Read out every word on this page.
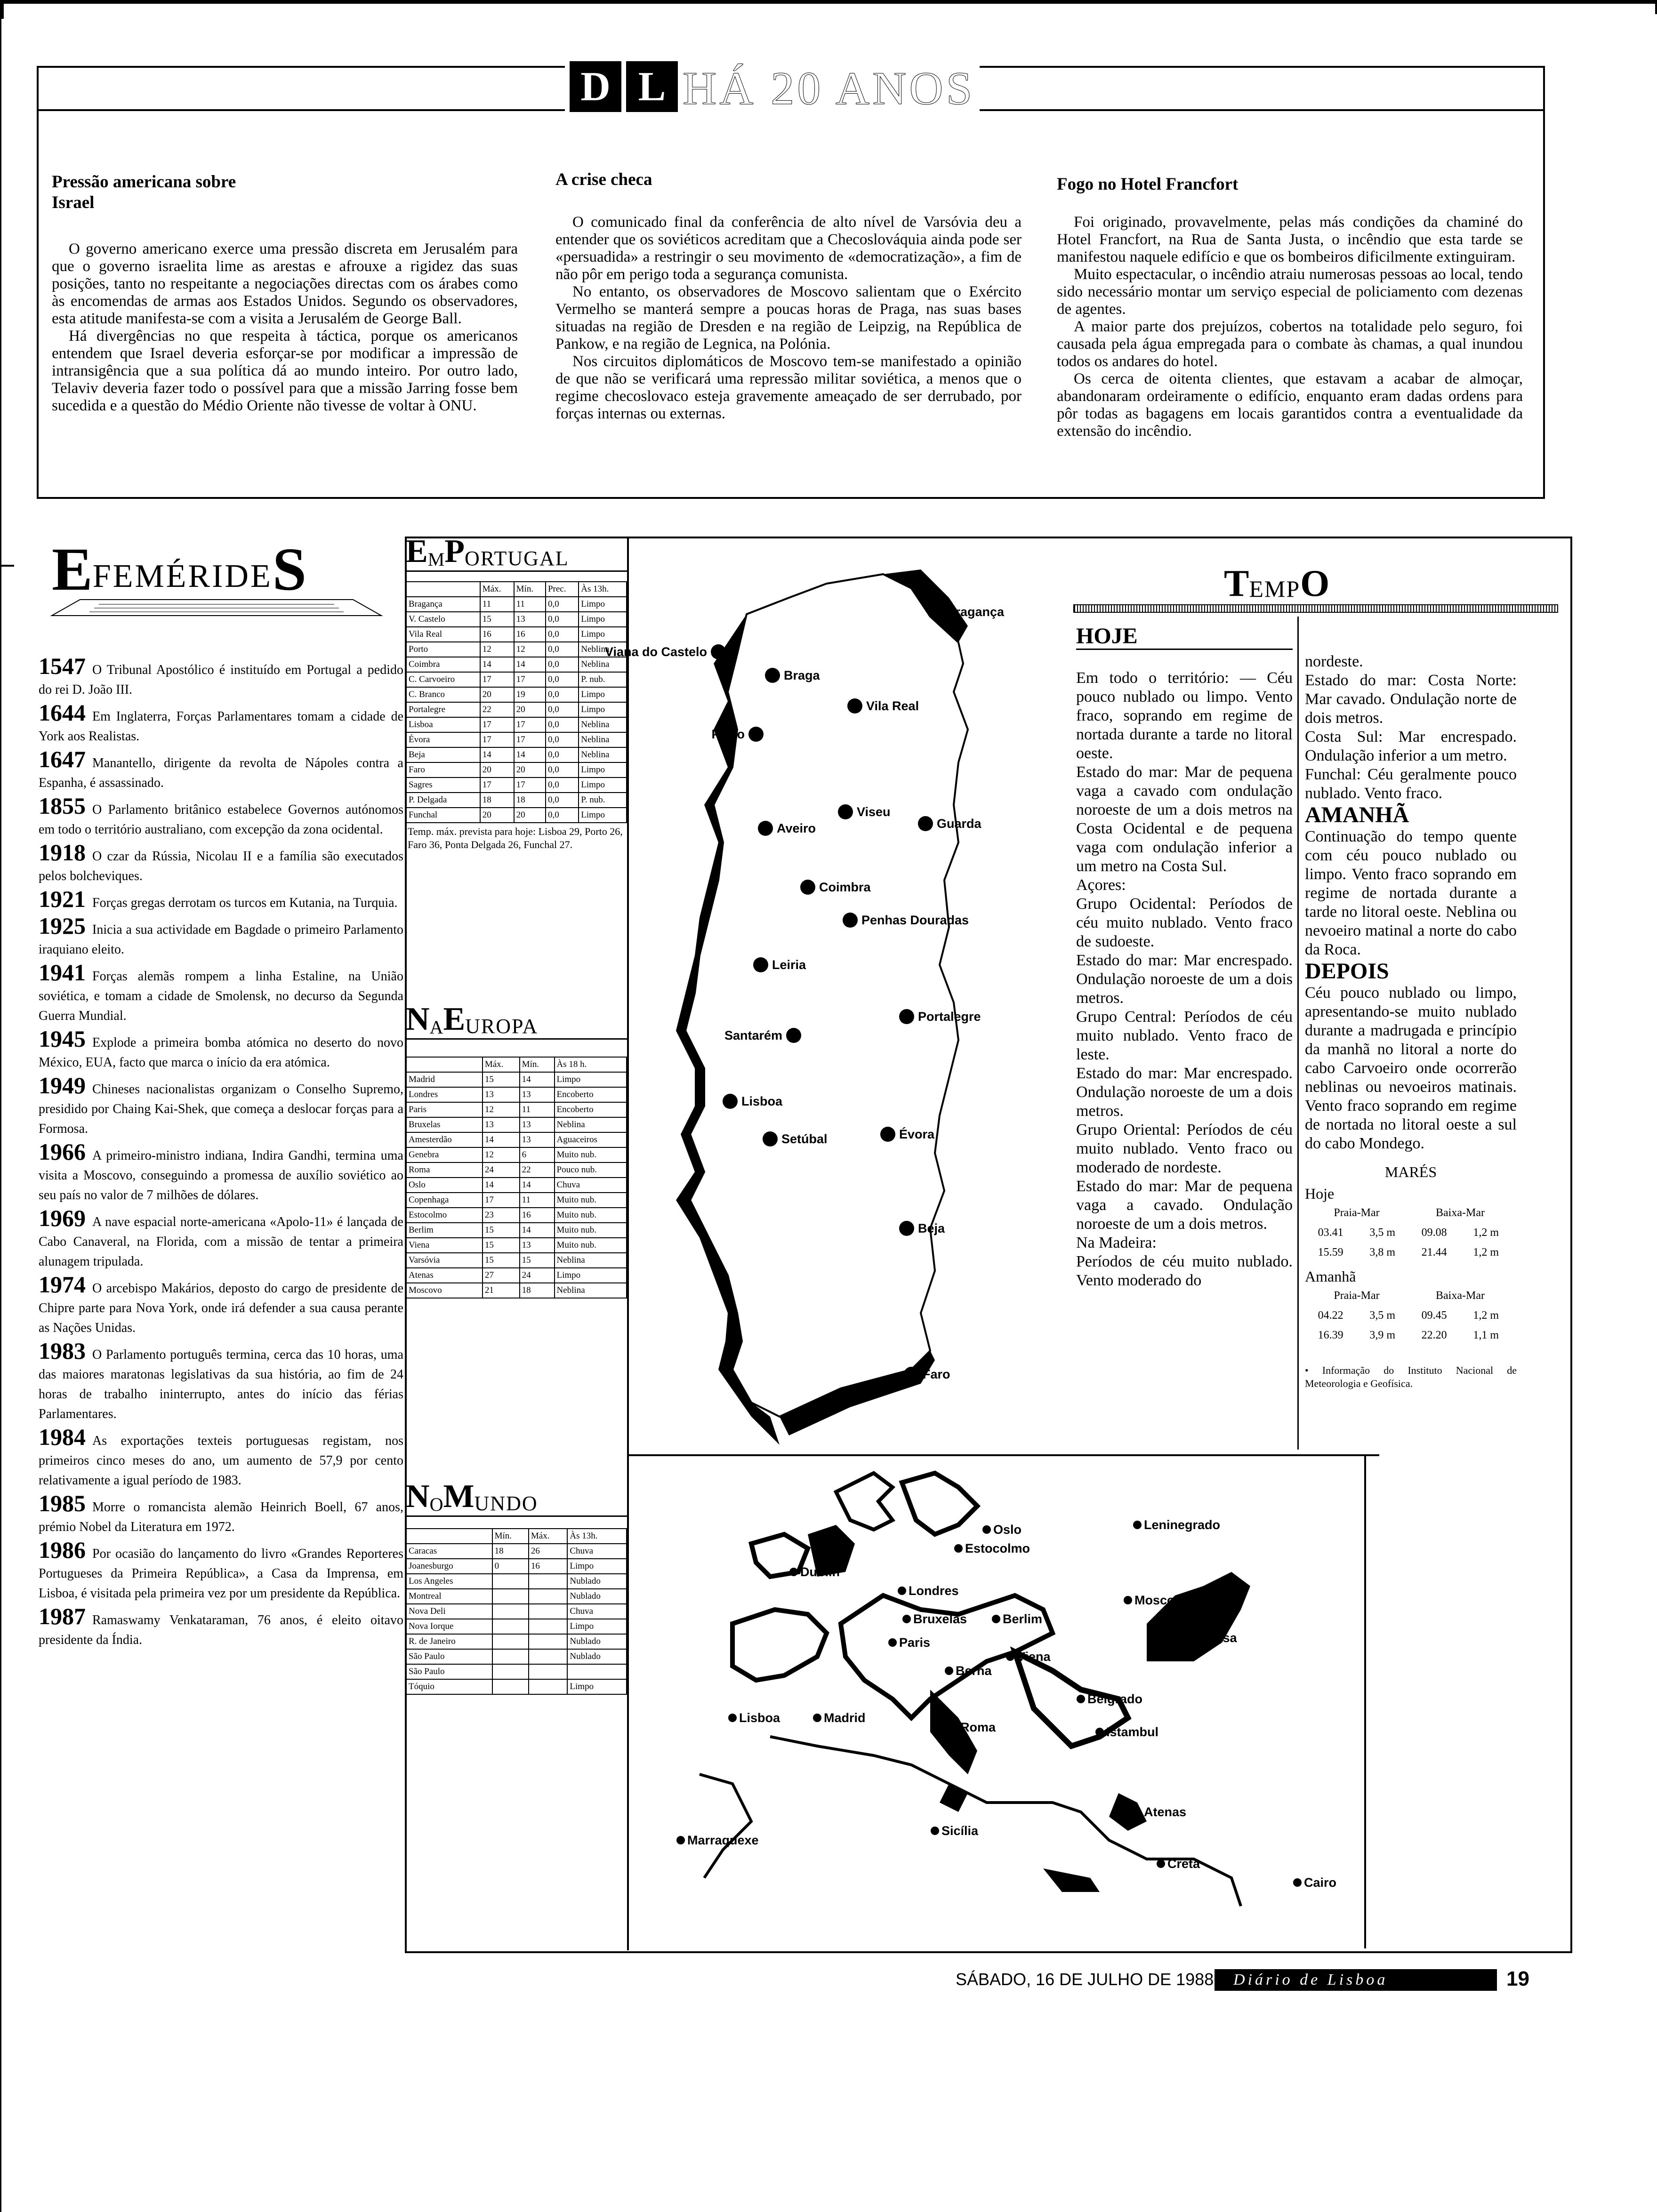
D L HÁ 20 ANOS
Pressão americana sobre Israel

O governo americano exerce uma pressão discreta em Jerusalém para que o governo israelita lime as arestas e afrouxe a rigidez das suas posições, tanto no respeitante a negociações directas com os árabes como às encomendas de armas aos Estados Unidos. Segundo os observadores, esta atitude manifesta-se com a visita a Jerusalém de George Ball.

Há divergências no que respeita à táctica, porque os americanos entendem que Israel deveria esforçar-se por modificar a impressão de intransigência que a sua política dá ao mundo inteiro. Por outro lado, Telaviv deveria fazer todo o possível para que a missão Jarring fosse bem sucedida e a questão do Médio Oriente não tivesse de voltar à ONU.

A crise checa

O comunicado final da conferência de alto nível de Varsóvia deu a entender que os soviéticos acreditam que a Checoslováquia ainda pode ser «persuadida» a restringir o seu movimento de «democratização», a fim de não pôr em perigo toda a segurança comunista.

No entanto, os observadores de Moscovo salientam que o Exército Vermelho se manterá sempre a poucas horas de Praga, nas suas bases situadas na região de Dresden e na região de Leipzig, na República de Pankow, e na região de Legnica, na Polónia.

Nos circuitos diplomáticos de Moscovo tem-se manifestado a opinião de que não se verificará uma repressão militar soviética, a menos que o regime checoslovaco esteja gravemente ameaçado de ser derrubado, por forças internas ou externas.

Fogo no Hotel Francfort

Foi originado, provavelmente, pelas más condições da chaminé do Hotel Francfort, na Rua de Santa Justa, o incêndio que esta tarde se manifestou naquele edifício e que os bombeiros dificilmente extinguiram.

Muito espectacular, o incêndio atraiu numerosas pessoas ao local, tendo sido necessário montar um serviço especial de policiamento com dezenas de agentes.

A maior parte dos prejuízos, cobertos na totalidade pelo seguro, foi causada pela água empregada para o combate às chamas, a qual inundou todos os andares do hotel.

Os cerca de oitenta clientes, que estavam a acabar de almoçar, abandonaram ordeiramente o edifício, enquanto eram dadas ordens para pôr todas as bagagens em locais garantidos contra a eventualidade da extensão do incêndio.

E FEMÉRIDE S
1547 O Tribunal Apostólico é instituído em Portugal a pedido do rei D. João III.
1644 Em Inglaterra, Forças Parlamentares tomam a cidade de York aos Realistas.
1647 Manantello, dirigente da revolta de Nápoles contra a Espanha, é assassinado.
1855 O Parlamento britânico estabelece Governos autónomos em todo o território australiano, com excepção da zona ocidental.
1918 O czar da Rússia, Nicolau II e a família são executados pelos bolcheviques.
1921 Forças gregas derrotam os turcos em Kutania, na Turquia.
1925 Inicia a sua actividade em Bagdade o primeiro Parlamento iraquiano eleito.
1941 Forças alemãs rompem a linha Estaline, na União soviética, e tomam a cidade de Smolensk, no decurso da Segunda Guerra Mundial.
1945 Explode a primeira bomba atómica no deserto do novo México, EUA, facto que marca o início da era atómica.
1949 Chineses nacionalistas organizam o Conselho Supremo, presidido por Chaing Kai-Shek, que começa a deslocar forças para a Formosa.
1966 A primeiro-ministro indiana, Indira Gandhi, termina uma visita a Moscovo, conseguindo a promessa de auxílio soviético ao seu país no valor de 7 milhões de dólares.
1969 A nave espacial norte-americana «Apolo-11» é lançada de Cabo Canaveral, na Florida, com a missão de tentar a primeira alunagem tripulada.
1974 O arcebispo Makários, deposto do cargo de presidente de Chipre parte para Nova York, onde irá defender a sua causa perante as Nações Unidas.
1983 O Parlamento português termina, cerca das 10 horas, uma das maiores maratonas legislativas da sua história, ao fim de 24 horas de trabalho ininterrupto, antes do início das férias Parlamentares.
1984 As exportações texteis portuguesas registam, nos primeiros cinco meses do ano, um aumento de 57,9 por cento relativamente a igual período de 1983.
1985 Morre o romancista alemão Heinrich Boell, 67 anos, prémio Nobel da Literatura em 1972.
1986 Por ocasião do lançamento do livro «Grandes Reporteres Portugueses da Primeira República», a Casa da Imprensa, em Lisboa, é visitada pela primeira vez por um presidente da República.
1987 Ramaswamy Venkataraman, 76 anos, é eleito oitavo presidente da Índia.
E M P ORTUGAL
	Máx.	Mín.	Prec.	Às 13h.
Bragança	11	11	0,0	Limpo
V. Castelo	15	13	0,0	Limpo
Vila Real	16	16	0,0	Limpo
Porto	12	12	0,0	Neblina
Coimbra	14	14	0,0	Neblina
C. Carvoeiro	17	17	0,0	P. nub.
C. Branco	20	19	0,0	Limpo
Portalegre	22	20	0,0	Limpo
Lisboa	17	17	0,0	Neblina
Évora	17	17	0,0	Neblina
Beja	14	14	0,0	Neblina
Faro	20	20	0,0	Limpo
Sagres	17	17	0,0	Limpo
P. Delgada	18	18	0,0	P. nub.
Funchal	20	20	0,0	Limpo
Temp. máx. prevista para hoje: Lisboa 29, Porto 26, Faro 36, Ponta Delgada 26, Funchal 27.
N A E UROPA
	Máx.	Mín.	Às 18 h.
Madrid	15	14	Limpo
Londres	13	13	Encoberto
Paris	12	11	Encoberto
Bruxelas	13	13	Neblina
Amesterdão	14	13	Aguaceiros
Genebra	12	6	Muito nub.
Roma	24	22	Pouco nub.
Oslo	14	14	Chuva
Copenhaga	17	11	Muito nub.
Estocolmo	23	16	Muito nub.
Berlim	15	14	Muito nub.
Viena	15	13	Muito nub.
Varsóvia	15	15	Neblina
Atenas	27	24	Limpo
Moscovo	21	18	Neblina
N O M UNDO
	Mín.	Máx.	Às 13h.
Caracas	18	26	Chuva
Joanesburgo	0	16	Limpo
Los Angeles			Nublado
Montreal			Nublado
Nova Deli			Chuva
Nova Iorque			Limpo
R. de Janeiro			Nublado
São Paulo			Nublado
São Paulo			
Tóquio			Limpo
Bragança
Viana do Castelo
Braga
Vila Real
Porto
Viseu
Aveiro	Guarda
Coimbra
Penhas Douradas
Leiria
Portalegre
Santarém
Lisboa
Setúbal	Évora
Beja
Faro
Oslo
Estocolmo
Leninegrado
Dublin
Londres
Moscovo
Bruxelas	Berlim
Paris
Viena
Odessa
Berna
Belgrado
Lisboa	Madrid
Roma	Istambul
Atenas
Sicília
Marraquexe
Creta
Cairo
T EMP O
HOJE

Em todo o território: — Céu pouco nublado ou limpo. Vento fraco, soprando em regime de nortada durante a tarde no litoral oeste.

Estado do mar: Mar de pequena vaga a cavado com ondulação noroeste de um a dois metros na Costa Ocidental e de pequena vaga com ondulação inferior a um metro na Costa Sul.

Açores:

Grupo Ocidental: Períodos de céu muito nublado. Vento fraco de sudoeste.

Estado do mar: Mar encrespado. Ondulação noroeste de um a dois metros.

Grupo Central: Períodos de céu muito nublado. Vento fraco de leste.

Estado do mar: Mar encrespado. Ondulação noroeste de um a dois metros.

Grupo Oriental: Períodos de céu muito nublado. Vento fraco ou moderado de nordeste.

Estado do mar: Mar de pequena vaga a cavado. Ondulação noroeste de um a dois metros.

Na Madeira:

Períodos de céu muito nublado. Vento moderado do

nordeste.

Estado do mar: Costa Norte: Mar cavado. Ondulação norte de dois metros.

Costa Sul: Mar encrespado. Ondulação inferior a um metro.

Funchal: Céu geralmente pouco nublado. Vento fraco.

AMANHÃ

Continuação do tempo quente com céu pouco nublado ou limpo. Vento fraco soprando em regime de nortada durante a tarde no litoral oeste. Neblina ou nevoeiro matinal a norte do cabo da Roca.

DEPOIS

Céu pouco nublado ou limpo, apresentando-se muito nublado durante a madrugada e princípio da manhã no litoral a norte do cabo Carvoeiro onde ocorrerão neblinas ou nevoeiros matinais. Vento fraco soprando em regime de nortada no litoral oeste a sul do cabo Mondego.

MARÉS
Hoje
Praia-Mar		Baixa-Mar	
03.41	3,5 m	09.08	1,2 m
15.59	3,8 m	21.44	1,2 m
Amanhã
Praia-Mar		Baixa-Mar	
04.22	3,5 m	09.45	1,2 m
16.39	3,9 m	22.20	1,1 m
• Informação do Instituto Nacional de Meteorologia e Geofísica.
SÁBADO, 16 DE JULHO DE 1988	Diário de Lisboa	19
